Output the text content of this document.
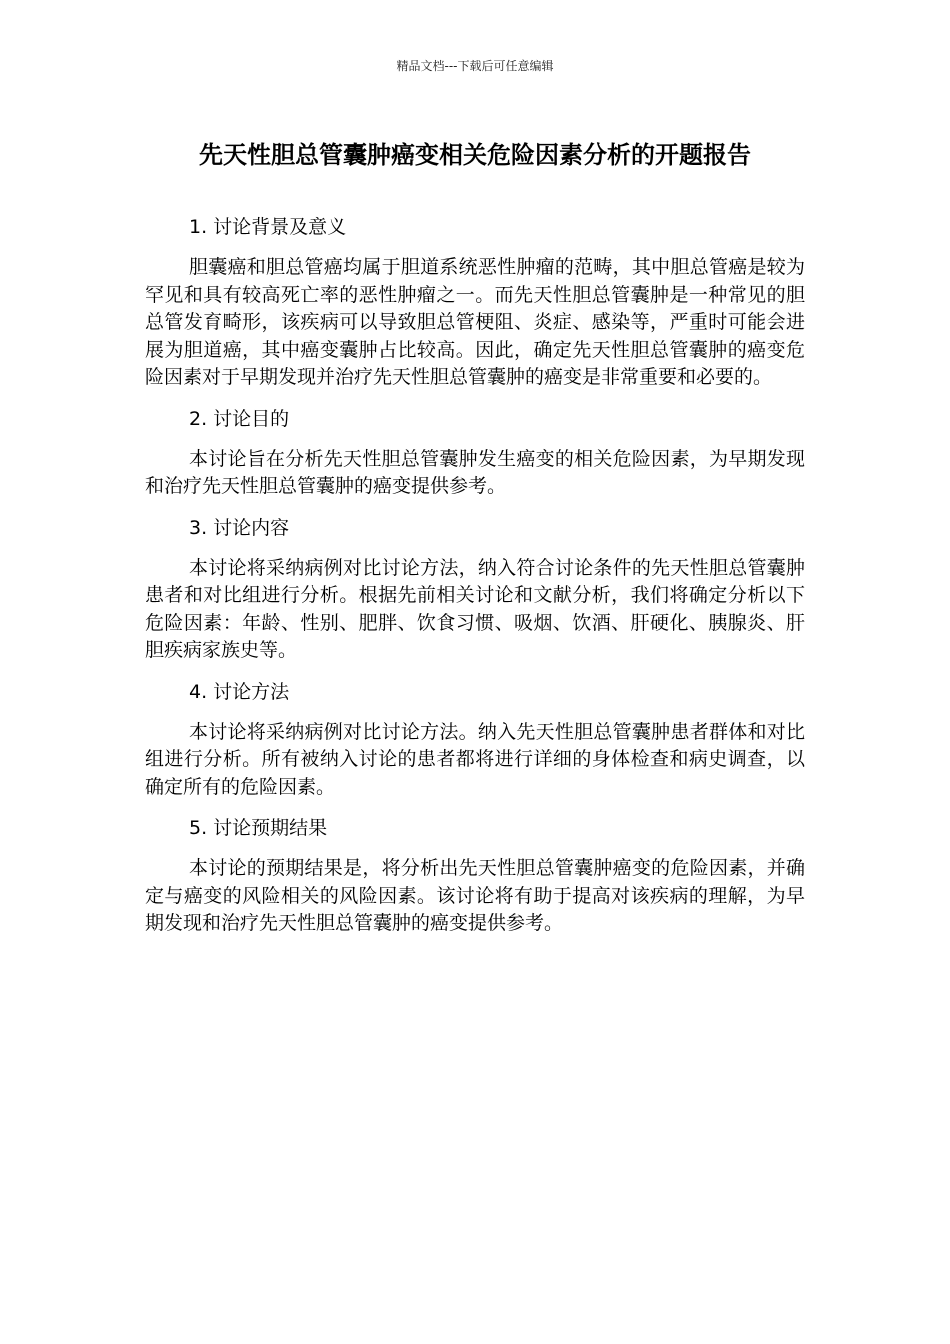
精品文档---下载后可任意编辑
先天性胆总管囊肿癌变相关危险因素分析的开题报告
1. 讨论背景及意义

胆囊癌和胆总管癌均属于胆道系统恶性肿瘤的范畴，其中胆总管癌是较为罕见和具有较高死亡率的恶性肿瘤之一。而先天性胆总管囊肿是一种常见的胆总管发育畸形，该疾病可以导致胆总管梗阻、炎症、感染等，严重时可能会进展为胆道癌，其中癌变囊肿占比较高。因此，确定先天性胆总管囊肿的癌变危险因素对于早期发现并治疗先天性胆总管囊肿的癌变是非常重要和必要的。

2. 讨论目的

本讨论旨在分析先天性胆总管囊肿发生癌变的相关危险因素，为早期发现和治疗先天性胆总管囊肿的癌变提供参考。

3. 讨论内容

本讨论将采纳病例对比讨论方法，纳入符合讨论条件的先天性胆总管囊肿患者和对比组进行分析。根据先前相关讨论和文献分析，我们将确定分析以下危险因素：年龄、性别、肥胖、饮食习惯、吸烟、饮酒、肝硬化、胰腺炎、肝胆疾病家族史等。

4. 讨论方法

本讨论将采纳病例对比讨论方法。纳入先天性胆总管囊肿患者群体和对比组进行分析。所有被纳入讨论的患者都将进行详细的身体检查和病史调查，以确定所有的危险因素。

5. 讨论预期结果

本讨论的预期结果是，将分析出先天性胆总管囊肿癌变的危险因素，并确定与癌变的风险相关的风险因素。该讨论将有助于提高对该疾病的理解，为早期发现和治疗先天性胆总管囊肿的癌变提供参考。
